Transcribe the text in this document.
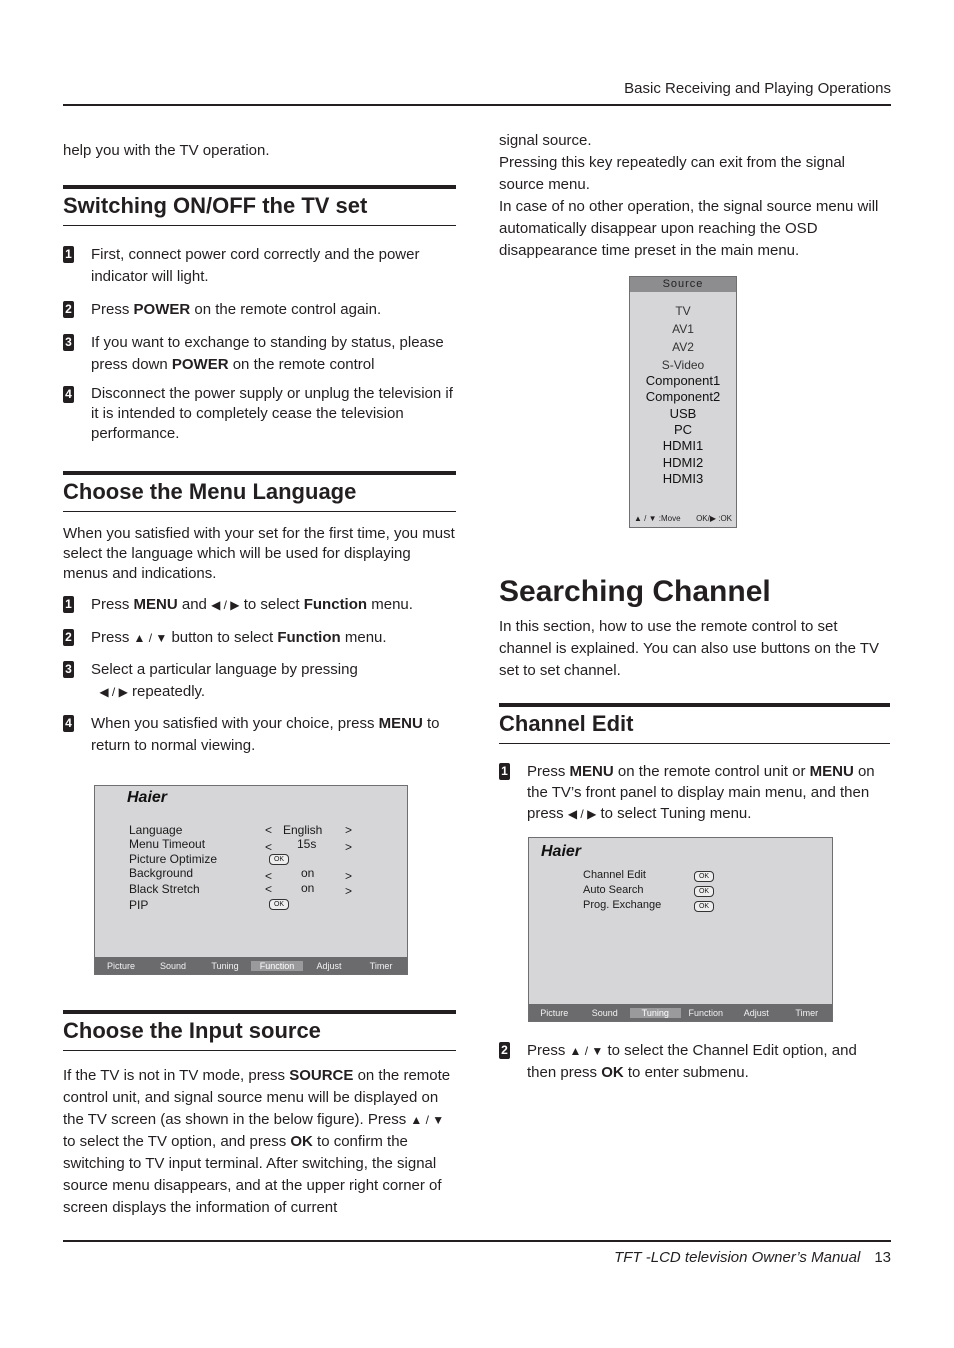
Basic Receiving and Playing Operations

help you with the TV operation.

Switching ON/OFF the TV set
1 First, connect power cord correctly and the power indicator will light.
2 Press POWER on the remote control again.
3 If you want to exchange to standing by status, please press down POWER on the remote control
4 Disconnect the power supply or unplug the television if it is intended to completely cease the television performance.
Choose the Menu Language

When you satisfied with your set for the first time, you must select the language which will be used for displaying menus and indications.

1 Press MENU and ◀ / ▶ to select Function menu.
2 Press ▲ / ▼ button to select Function menu.
3 Select a particular language by pressing
◀ / ▶ repeatedly.
4 When you satisfied with your choice, press MENU to return to normal viewing.
Haier
Language	< English >
Menu Timeout	< 15s >
Picture Optimize	OK
Background	< on	>
Black Stretch	< on	>
PIP	OK
Picture	Sound	Tuning	Function	Adjust	Timer
Choose the Input source

If the TV is not in TV mode, press SOURCE on the remote control unit, and signal source menu will be displayed on the TV screen (as shown in the below figure). Press ▲ / ▼ to select the TV option, and press OK to confirm the switching to TV input terminal. After switching, the signal source menu disappears, and at the upper right corner of screen displays the information of current

signal source.

Pressing this key repeatedly can exit from the signal source menu.

In case of no other operation, the signal source menu will automatically disappear upon reaching the OSD disappearance time preset in the main menu.

Source
TV
AV1
AV2
S-Video
Component1
Component2
USB
PC
HDMI1
HDMI2
HDMI3
▲ / ▼ :Move OK/▶ :OK
Searching Channel

In this section, how to use the remote control to set channel is explained. You can also use buttons on the TV set to set channel.

Channel Edit
1 Press MENU on the remote control unit or MENU on the TV’s front panel to display main menu, and then press ◀ / ▶ to select Tuning menu.
Haier
Channel Edit	OK
Auto Search	OK
Prog. Exchange	OK
Picture	Sound	Tuning	Function	Adjust	Timer
2 Press ▲ / ▼ to select the Channel Edit option, and then press OK to enter submenu.
TFT -LCD television Owner’s Manual 13
